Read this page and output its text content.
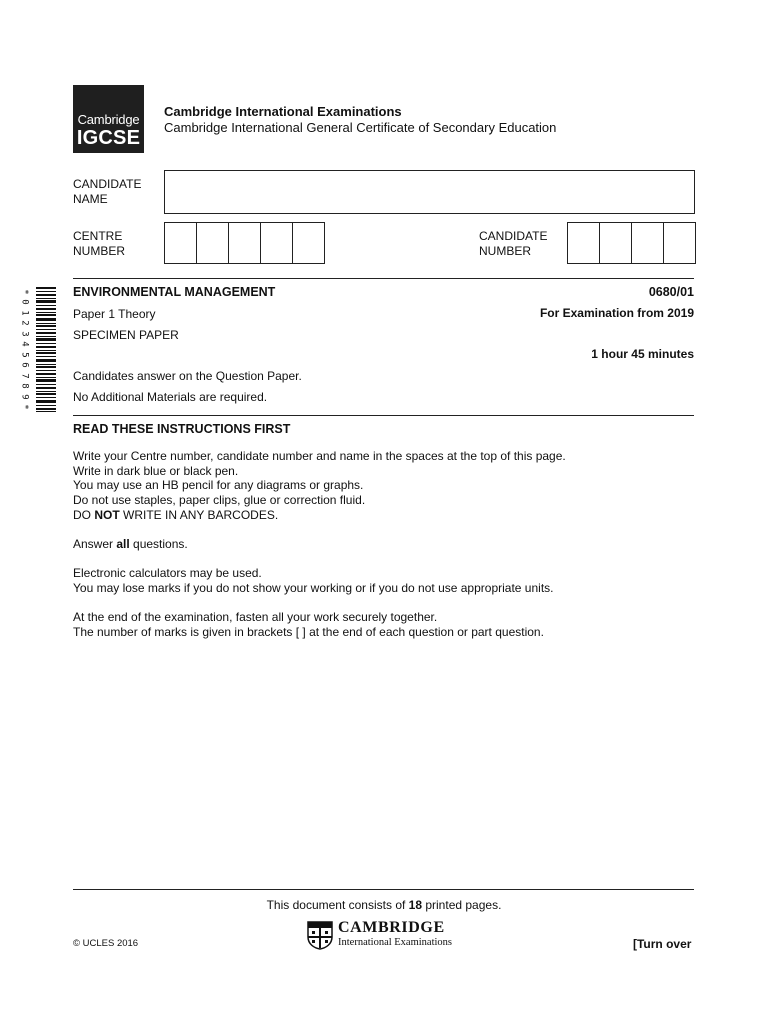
Cambridge
IGCSE
Cambridge International Examinations
Cambridge International General Certificate of Secondary Education
CANDIDATE
NAME
CENTRE
NUMBER
CANDIDATE
NUMBER
*
0
1
2
3
4
5
6
7
8
9
*
ENVIRONMENTAL MANAGEMENT	0680/01
Paper 1 Theory	For Examination from 2019
SPECIMEN PAPER
1 hour 45 minutes
Candidates answer on the Question Paper.
No Additional Materials are required.
READ THESE INSTRUCTIONS FIRST

Write your Centre number, candidate number and name in the spaces at the top of this page.

Write in dark blue or black pen.

You may use an HB pencil for any diagrams or graphs.

Do not use staples, paper clips, glue or correction fluid.

DO NOT WRITE IN ANY BARCODES.

Answer all questions.

Electronic calculators may be used.

You may lose marks if you do not show your working or if you do not use appropriate units.

At the end of the examination, fasten all your work securely together.

The number of marks is given in brackets [ ] at the end of each question or part question.

This document consists of 18 printed pages.
© UCLES 2016
CAMBRIDGE
International Examinations	[Turn over
